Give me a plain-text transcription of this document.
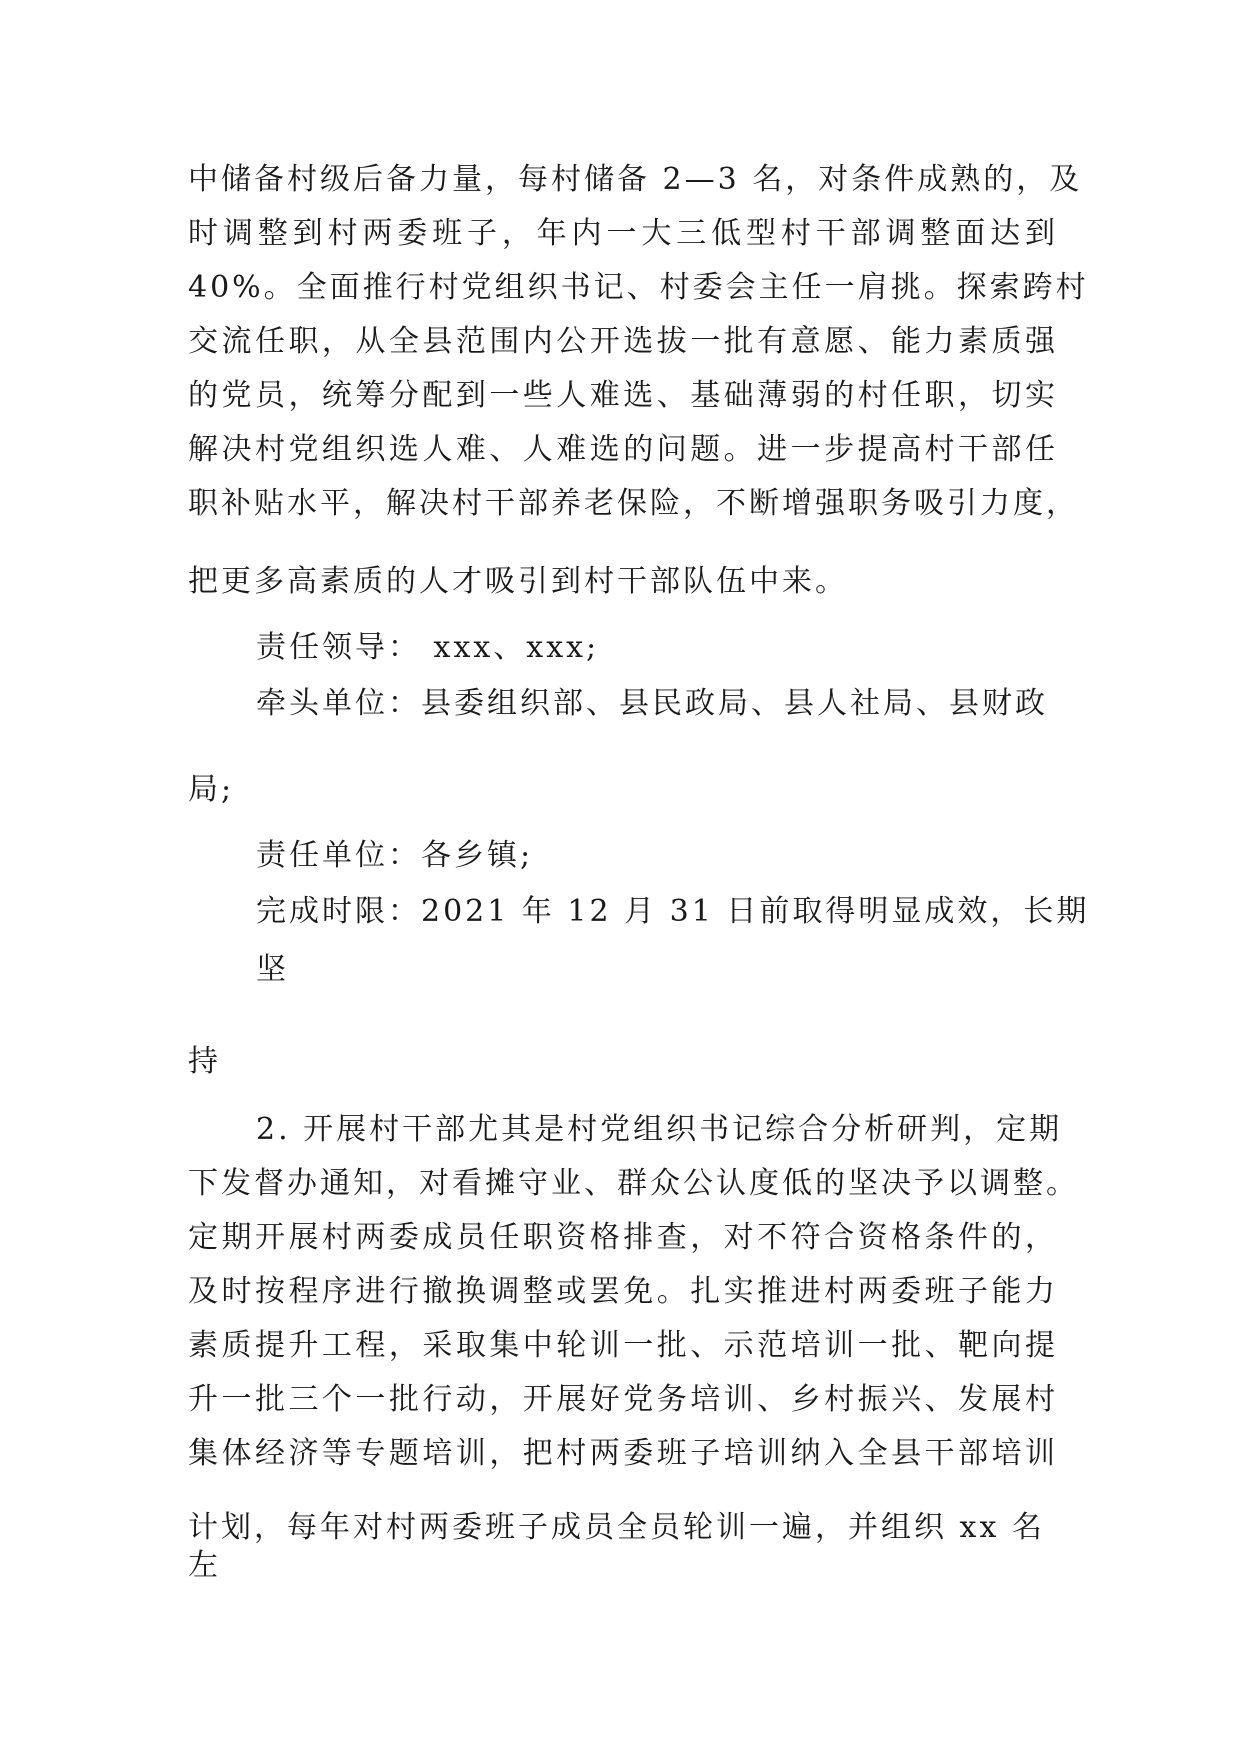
中储备村级后备力量，每村储备 2—3 名，对条件成熟的，及
时调整到村两委班子，年内一大三低型村干部调整面达到
40%。全面推行村党组织书记、村委会主任一肩挑。探索跨村
交流任职，从全县范围内公开选拔一批有意愿、能力素质强
的党员，统筹分配到一些人难选、基础薄弱的村任职，切实
解决村党组织选人难、人难选的问题。进一步提高村干部任
职补贴水平，解决村干部养老保险，不断增强职务吸引力度，
把更多高素质的人才吸引到村干部队伍中来。
责任领导： xxx、xxx;
牵头单位：县委组织部、县民政局、县人社局、县财政
局;
责任单位：各乡镇;
完成时限：2021 年 12 月 31 日前取得明显成效，长期
坚
持
2. 开展村干部尤其是村党组织书记综合分析研判，定期
下发督办通知，对看摊守业、群众公认度低的坚决予以调整。
定期开展村两委成员任职资格排查，对不符合资格条件的，
及时按程序进行撤换调整或罢免。扎实推进村两委班子能力
素质提升工程，采取集中轮训一批、示范培训一批、靶向提
升一批三个一批行动，开展好党务培训、乡村振兴、发展村
集体经济等专题培训，把村两委班子培训纳入全县干部培训
计划，每年对村两委班子成员全员轮训一遍，并组织 xx 名
左
